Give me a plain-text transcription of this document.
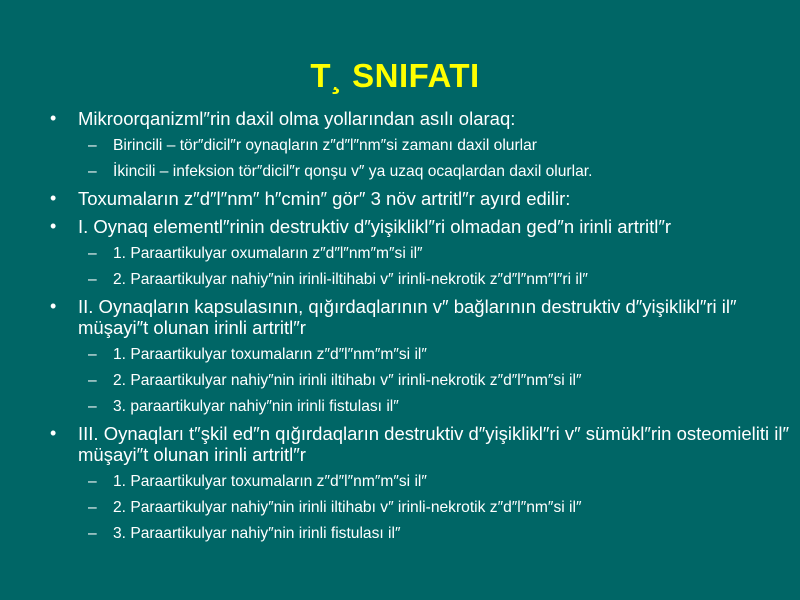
T¸ SNIFATI
• Mikroorqanizml″rin daxil olma yollarından asılı olaraq:
– Birincili – tör″dicil″r oynaqların z″d″l″nm″si zamanı daxil olurlar
– İkincili – infeksion tör″dicil″r qonşu v″ ya uzaq ocaqlardan daxil olurlar.
• Toxumaların z″d″l″nm″ h″cmin″ gör″ 3 növ artritl″r ayırd edilir:
• I. Oynaq elementl″rinin destruktiv d″yişiklikl″ri olmadan ged″n irinli artritl″r
– 1. Paraartikulyar oxumaların z″d″l″nm″m″si il″
– 2. Paraartikulyar nahiy″nin irinli-iltihabi v″ irinli-nekrotik z″d″l″nm″l″ri il″
• II. Oynaqların kapsulasının, qığırdaqlarının v″ bağlarının destruktiv d″yişiklikl″ri il″ müşayi″t olunan irinli artritl″r
– 1. Paraartikulyar toxumaların z″d″l″nm″m″si il″
– 2. Paraartikulyar nahiy″nin irinli iltihabı v″ irinli-nekrotik z″d″l″nm″si il″
– 3. paraartikulyar nahiy″nin irinli fistulası il″
• III. Oynaqları t″şkil ed″n qığırdaqların destruktiv d″yişiklikl″ri v″ sümükl″rin osteomieliti il″ müşayi″t olunan irinli artritl″r
– 1. Paraartikulyar toxumaların z″d″l″nm″m″si il″
– 2. Paraartikulyar nahiy″nin irinli iltihabı v″ irinli-nekrotik z″d″l″nm″si il″
– 3. Paraartikulyar nahiy″nin irinli fistulası il″
